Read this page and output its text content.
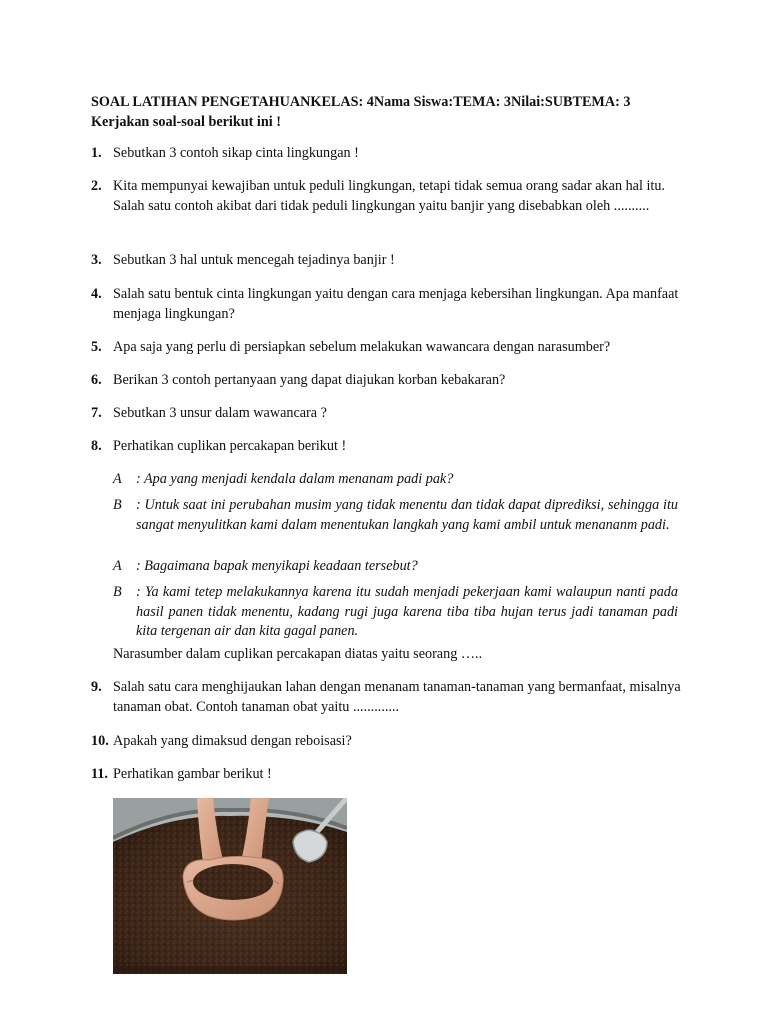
SOAL LATIHAN PENGETAHUANKELAS: 4Nama Siswa:TEMA: 3Nilai:SUBTEMA: 3
Kerjakan soal-soal berikut ini !
1. Sebutkan 3 contoh sikap cinta lingkungan !
2. Kita mempunyai kewajiban untuk peduli lingkungan, tetapi tidak semua orang sadar akan hal itu. Salah satu contoh akibat dari tidak peduli lingkungan yaitu banjir yang disebabkan oleh ..........
3. Sebutkan 3 hal untuk mencegah tejadinya banjir !
4. Salah satu bentuk cinta lingkungan yaitu dengan cara menjaga kebersihan lingkungan. Apa manfaat menjaga lingkungan?
5. Apa saja yang perlu di persiapkan sebelum melakukan wawancara dengan narasumber?
6. Berikan 3 contoh pertanyaan yang dapat diajukan korban kebakaran?
7. Sebutkan 3 unsur dalam wawancara ?
8. Perhatikan cuplikan percakapan berikut !
A : Apa yang menjadi kendala dalam menanam padi pak?
B : Untuk saat ini perubahan musim yang tidak menentu dan tidak dapat diprediksi, sehingga itu sangat menyulitkan kami dalam menentukan langkah yang kami ambil untuk menananm padi.
A : Bagaimana bapak menyikapi keadaan tersebut?
B : Ya kami tetep melakukannya karena itu sudah menjadi pekerjaan kami walaupun nanti pada hasil panen tidak menentu, kadang rugi juga karena tiba tiba hujan terus jadi tanaman padi kita tergenan air dan kita gagal panen.
Narasumber dalam cuplikan percakapan diatas yaitu seorang …..
9. Salah satu cara menghijaukan lahan dengan menanam tanaman-tanaman yang bermanfaat, misalnya tanaman obat. Contoh tanaman obat yaitu .............
10. Apakah yang dimaksud dengan reboisasi?
11. Perhatikan gambar berikut !
